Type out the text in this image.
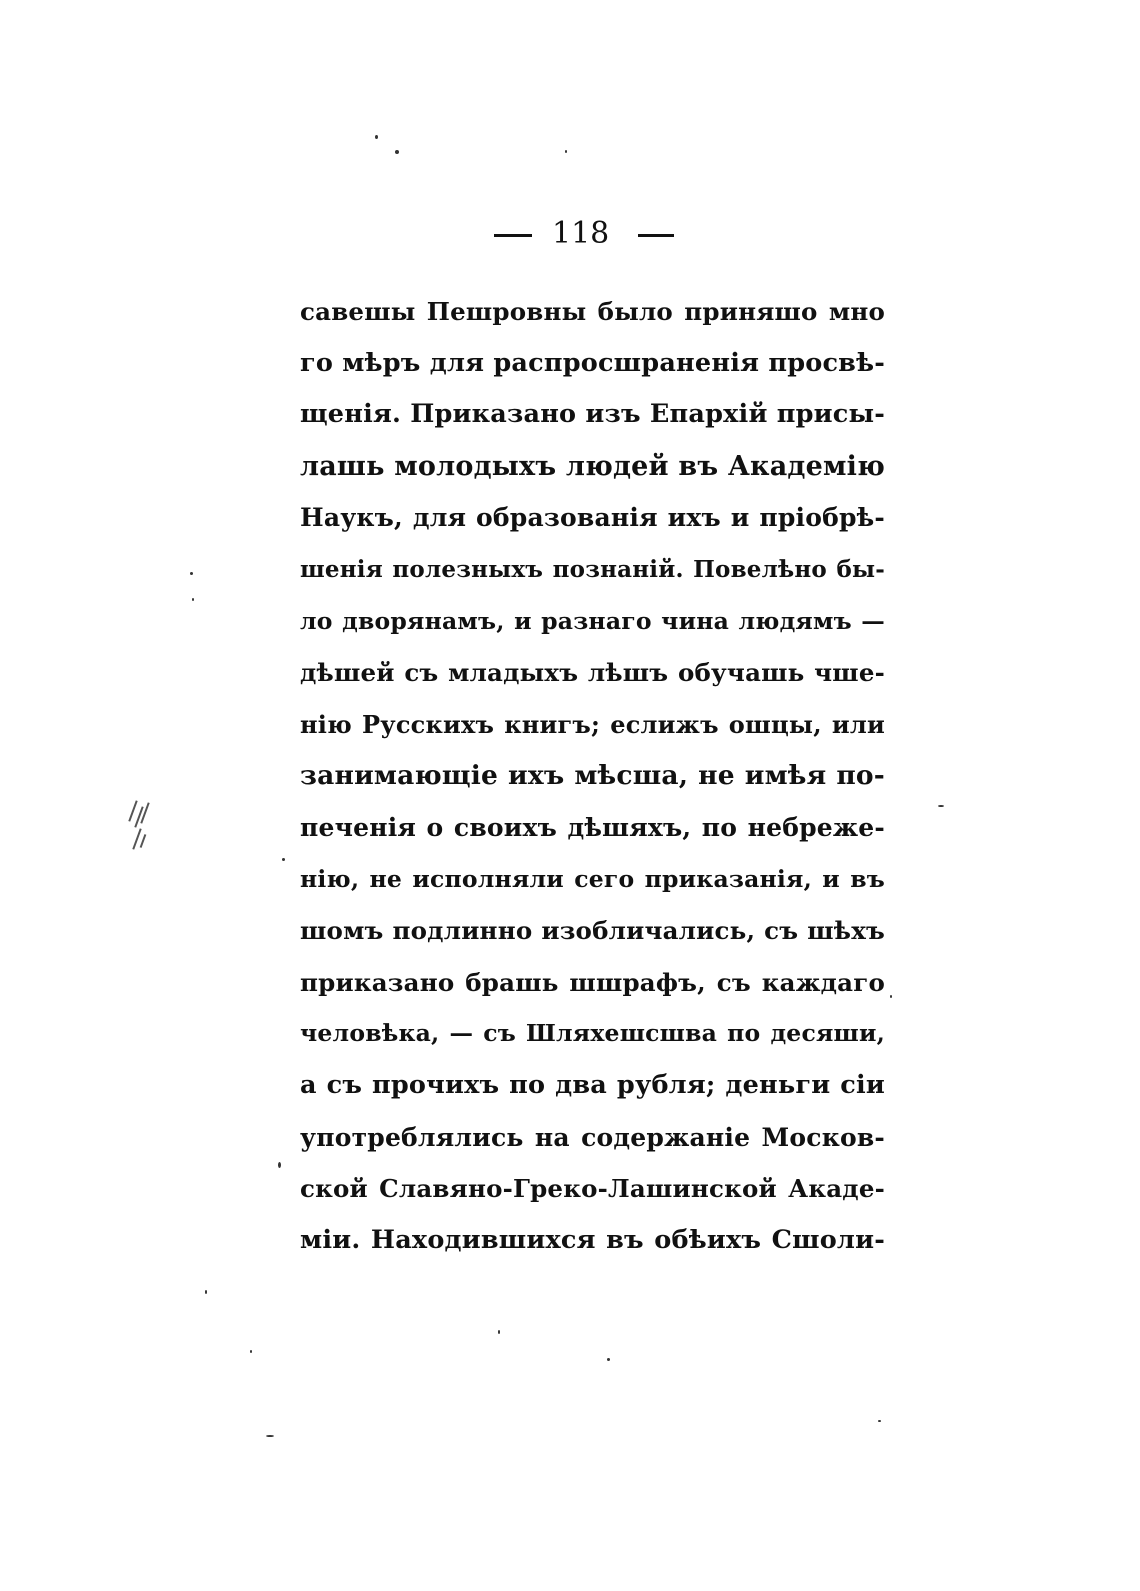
118
савешы Пешровны было приняшо мно
го мѣръ для распросшраненія просвѣ-
щенія. Приказано изъ Епархій присы-
лашь молодыхъ людей въ Академію
Наукъ, для образованія ихъ и пріобрѣ-
шенія полезныхъ познаній. Повелѣно бы-
ло дворянамъ, и разнаго чина людямъ —
дѣшей съ младыхъ лѣшъ обучашь чше-
нію Русскихъ книгъ; еслижъ ошцы, или
занимающіе ихъ мѣсша, не имѣя по-
печенія о своихъ дѣшяхъ, по небреже-
нію, не исполняли сего приказанія, и въ
шомъ подлинно изобличались, съ шѣхъ
приказано брашь шшрафъ, съ каждаго
человѣка, — съ Шляхешсшва по десяши,
а съ прочихъ по два рубля; деньги сіи
употреблялись на содержаніе Москов-
ской Славяно-Греко-Лашинской Акаде-
міи. Находившихся въ обѣихъ Сшоли-
